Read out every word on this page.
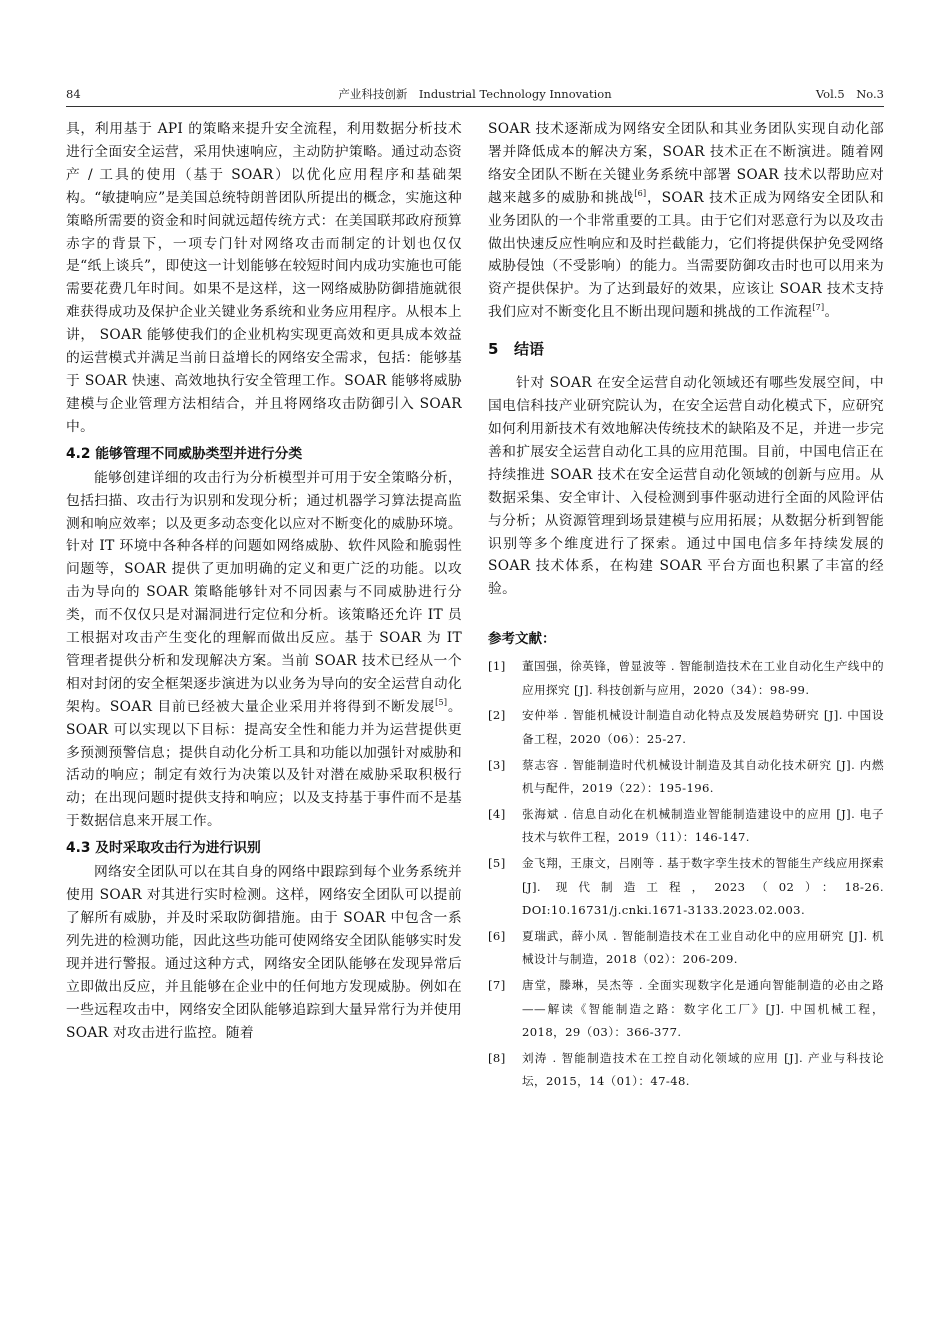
84	产业科技创新　Industrial Technology Innovation	Vol.5　No.3

具，利用基于 API 的策略来提升安全流程，利用数据分析技术进行全面安全运营，采用快速响应，主动防护策略。通过动态资产 / 工具的使用（基于 SOAR）以优化应用程序和基础架构。“敏捷响应”是美国总统特朗普团队所提出的概念，实施这种策略所需要的资金和时间就远超传统方式：在美国联邦政府预算赤字的背景下，一项专门针对网络攻击而制定的计划也仅仅是“纸上谈兵”，即使这一计划能够在较短时间内成功实施也可能需要花费几年时间。如果不是这样，这一网络威胁防御措施就很难获得成功及保护企业关键业务系统和业务应用程序。从根本上讲， SOAR 能够使我们的企业机构实现更高效和更具成本效益的运营模式并满足当前日益增长的网络安全需求，包括：能够基于 SOAR 快速、高效地执行安全管理工作。SOAR 能够将威胁建模与企业管理方法相结合，并且将网络攻击防御引入 SOAR 中。

4.2 能够管理不同威胁类型并进行分类

能够创建详细的攻击行为分析模型并可用于安全策略分析，包括扫描、攻击行为识别和发现分析；通过机器学习算法提高监测和响应效率；以及更多动态变化以应对不断变化的威胁环境。针对 IT 环境中各种各样的问题如网络威胁、软件风险和脆弱性问题等，SOAR 提供了更加明确的定义和更广泛的功能。以攻击为导向的 SOAR 策略能够针对不同因素与不同威胁进行分类，而不仅仅只是对漏洞进行定位和分析。该策略还允许 IT 员工根据对攻击产生变化的理解而做出反应。基于 SOAR 为 IT 管理者提供分析和发现解决方案。当前 SOAR 技术已经从一个相对封闭的安全框架逐步演进为以业务为导向的安全运营自动化架构。SOAR 目前已经被大量企业采用并将得到不断发展[5]。SOAR 可以实现以下目标：提高安全性和能力并为运营提供更多预测预警信息；提供自动化分析工具和功能以加强针对威胁和活动的响应；制定有效行为决策以及针对潜在威胁采取积极行动；在出现问题时提供支持和响应；以及支持基于事件而不是基于数据信息来开展工作。

4.3 及时采取攻击行为进行识别

网络安全团队可以在其自身的网络中跟踪到每个业务系统并使用 SOAR 对其进行实时检测。这样，网络安全团队可以提前了解所有威胁，并及时采取防御措施。由于 SOAR 中包含一系列先进的检测功能，因此这些功能可使网络安全团队能够实时发现并进行警报。通过这种方式，网络安全团队能够在发现异常后立即做出反应，并且能够在企业中的任何地方发现威胁。例如在一些远程攻击中，网络安全团队能够追踪到大量异常行为并使用 SOAR 对攻击进行监控。随着

SOAR 技术逐渐成为网络安全团队和其业务团队实现自动化部署并降低成本的解决方案，SOAR 技术正在不断演进。随着网络安全团队不断在关键业务系统中部署 SOAR 技术以帮助应对越来越多的威胁和挑战[6]，SOAR 技术正成为网络安全团队和业务团队的一个非常重要的工具。由于它们对恶意行为以及攻击做出快速反应性响应和及时拦截能力，它们将提供保护免受网络威胁侵蚀（不受影响）的能力。当需要防御攻击时也可以用来为资产提供保护。为了达到最好的效果，应该让 SOAR 技术支持我们应对不断变化且不断出现问题和挑战的工作流程[7]。

5 结语

针对 SOAR 在安全运营自动化领域还有哪些发展空间，中国电信科技产业研究院认为，在安全运营自动化模式下，应研究如何利用新技术有效地解决传统技术的缺陷及不足，并进一步完善和扩展安全运营自动化工具的应用范围。目前，中国电信正在持续推进 SOAR 技术在安全运营自动化领域的创新与应用。从数据采集、安全审计、入侵检测到事件驱动进行全面的风险评估与分析；从资源管理到场景建模与应用拓展；从数据分析到智能识别等多个维度进行了探索。通过中国电信多年持续发展的 SOAR 技术体系，在构建 SOAR 平台方面也积累了丰富的经验。

参考文献：
[1]	董国强，徐英锋，曾显波等 . 智能制造技术在工业自动化生产线中的应用探究 [J]. 科技创新与应用，2020（34）：98-99.
[2]	安仲举 . 智能机械设计制造自动化特点及发展趋势研究 [J]. 中国设备工程，2020（06）：25-27.
[3]	蔡志容 . 智能制造时代机械设计制造及其自动化技术研究 [J]. 内燃机与配件，2019（22）：195-196.
[4]	张海斌 . 信息自动化在机械制造业智能制造建设中的应用 [J]. 电子技术与软件工程，2019（11）：146-147.
[5]	金飞翔，王康文，吕刚等 . 基于数字孪生技术的智能生产线应用探索 [J]. 现代制造工程，2023（02）：18-26. DOI:10.16731/j.cnki.1671-3133.2023.02.003.
[6]	夏瑞武，薛小凤 . 智能制造技术在工业自动化中的应用研究 [J]. 机械设计与制造，2018（02）：206-209.
[7]	唐堂，滕琳，吴杰等 . 全面实现数字化是通向智能制造的必由之路——解读《智能制造之路：数字化工厂》[J]. 中国机械工程，2018，29（03）：366-377.
[8]	刘涛 . 智能制造技术在工控自动化领域的应用 [J]. 产业与科技论坛，2015，14（01）：47-48.
